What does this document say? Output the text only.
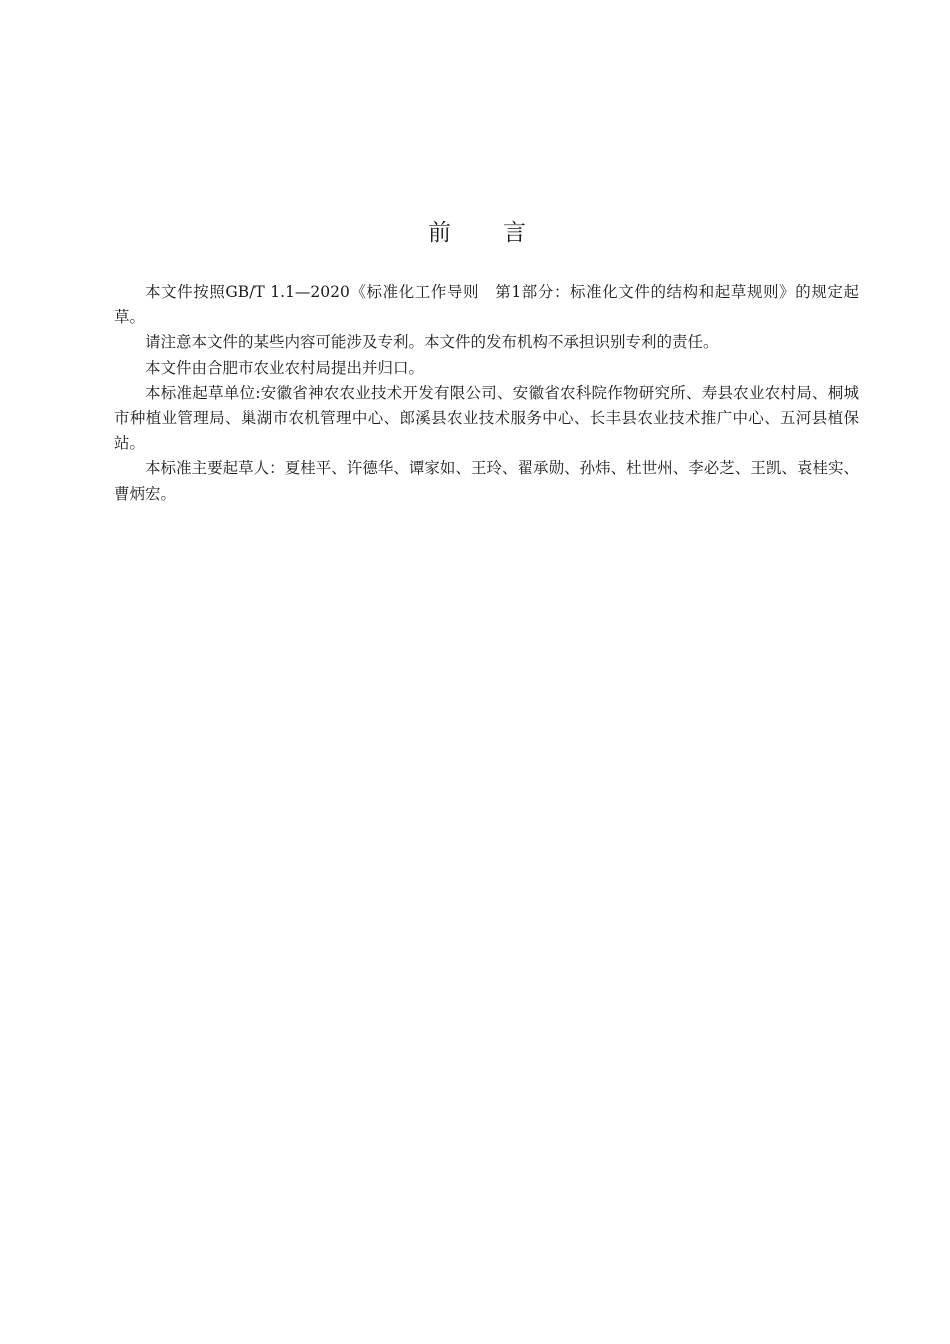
前言

本文件按照GB/T 1.1—2020《标准化工作导则　第1部分：标准化文件的结构和起草规则》的规定起草。

请注意本文件的某些内容可能涉及专利。本文件的发布机构不承担识别专利的责任。

本文件由合肥市农业农村局提出并归口。

本标准起草单位:安徽省神农农业技术开发有限公司、安徽省农科院作物研究所、寿县农业农村局、桐城市种植业管理局、巢湖市农机管理中心、郎溪县农业技术服务中心、长丰县农业技术推广中心、五河县植保站。

本标准主要起草人：夏桂平、许德华、谭家如、王玲、翟承勋、孙炜、杜世州、李必芝、王凯、袁桂实、曹炳宏。
